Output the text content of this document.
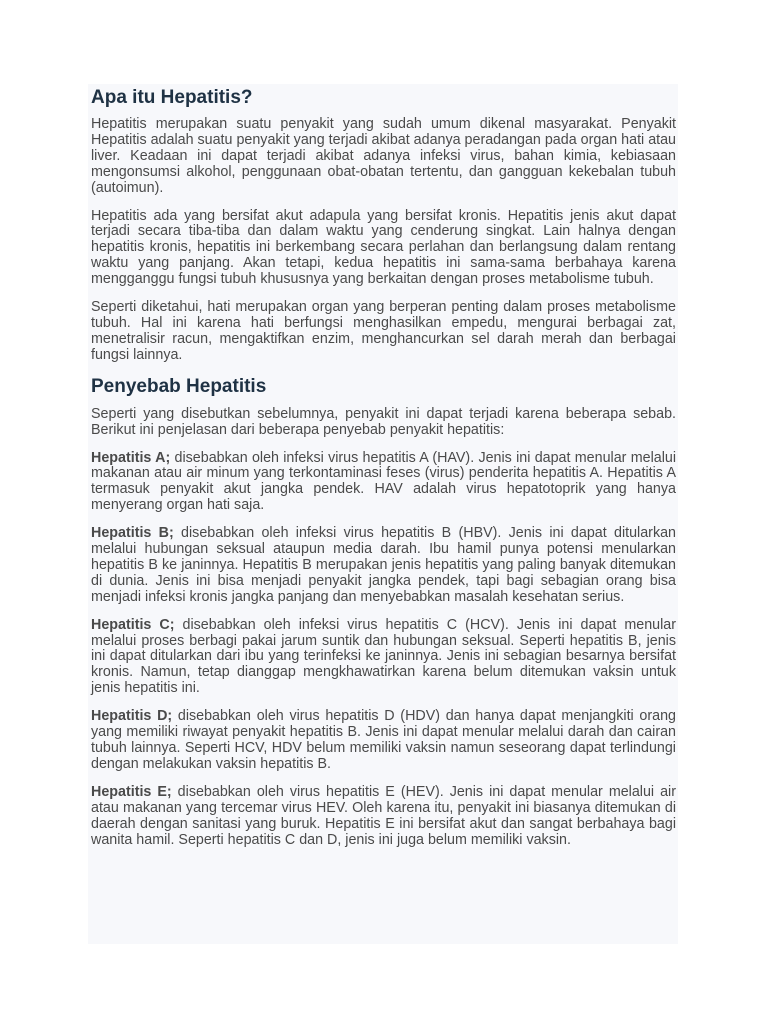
Apa itu Hepatitis?

Hepatitis merupakan suatu penyakit yang sudah umum dikenal masyarakat. Penyakit Hepatitis adalah suatu penyakit yang terjadi akibat adanya peradangan pada organ hati atau liver. Keadaan ini dapat terjadi akibat adanya infeksi virus, bahan kimia, kebiasaan mengonsumsi alkohol, penggunaan obat-obatan tertentu, dan gangguan kekebalan tubuh (autoimun).

Hepatitis ada yang bersifat akut adapula yang bersifat kronis. Hepatitis jenis akut dapat terjadi secara tiba-tiba dan dalam waktu yang cenderung singkat. Lain halnya dengan hepatitis kronis, hepatitis ini berkembang secara perlahan dan berlangsung dalam rentang waktu yang panjang. Akan tetapi, kedua hepatitis ini sama-sama berbahaya karena mengganggu fungsi tubuh khususnya yang berkaitan dengan proses metabolisme tubuh.

Seperti diketahui, hati merupakan organ yang berperan penting dalam proses metabolisme tubuh. Hal ini karena hati berfungsi menghasilkan empedu, mengurai berbagai zat, menetralisir racun, mengaktifkan enzim, menghancurkan sel darah merah dan berbagai fungsi lainnya.

Penyebab Hepatitis

Seperti yang disebutkan sebelumnya, penyakit ini dapat terjadi karena beberapa sebab. Berikut ini penjelasan dari beberapa penyebab penyakit hepatitis:

Hepatitis A; disebabkan oleh infeksi virus hepatitis A (HAV). Jenis ini dapat menular melalui makanan atau air minum yang terkontaminasi feses (virus) penderita hepatitis A. Hepatitis A termasuk penyakit akut jangka pendek. HAV adalah virus hepatotoprik yang hanya menyerang organ hati saja.

Hepatitis B; disebabkan oleh infeksi virus hepatitis B (HBV). Jenis ini dapat ditularkan melalui hubungan seksual ataupun media darah. Ibu hamil punya potensi menularkan hepatitis B ke janinnya. Hepatitis B merupakan jenis hepatitis yang paling banyak ditemukan di dunia. Jenis ini bisa menjadi penyakit jangka pendek, tapi bagi sebagian orang bisa menjadi infeksi kronis jangka panjang dan menyebabkan masalah kesehatan serius.

Hepatitis C; disebabkan oleh infeksi virus hepatitis C (HCV). Jenis ini dapat menular melalui proses berbagi pakai jarum suntik dan hubungan seksual. Seperti hepatitis B, jenis ini dapat ditularkan dari ibu yang terinfeksi ke janinnya. Jenis ini sebagian besarnya bersifat kronis. Namun, tetap dianggap mengkhawatirkan karena belum ditemukan vaksin untuk jenis hepatitis ini.

Hepatitis D; disebabkan oleh virus hepatitis D (HDV) dan hanya dapat menjangkiti orang yang memiliki riwayat penyakit hepatitis B. Jenis ini dapat menular melalui darah dan cairan tubuh lainnya. Seperti HCV, HDV belum memiliki vaksin namun seseorang dapat terlindungi dengan melakukan vaksin hepatitis B.

Hepatitis E; disebabkan oleh virus hepatitis E (HEV). Jenis ini dapat menular melalui air atau makanan yang tercemar virus HEV. Oleh karena itu, penyakit ini biasanya ditemukan di daerah dengan sanitasi yang buruk. Hepatitis E ini bersifat akut dan sangat berbahaya bagi wanita hamil. Seperti hepatitis C dan D, jenis ini juga belum memiliki vaksin.
